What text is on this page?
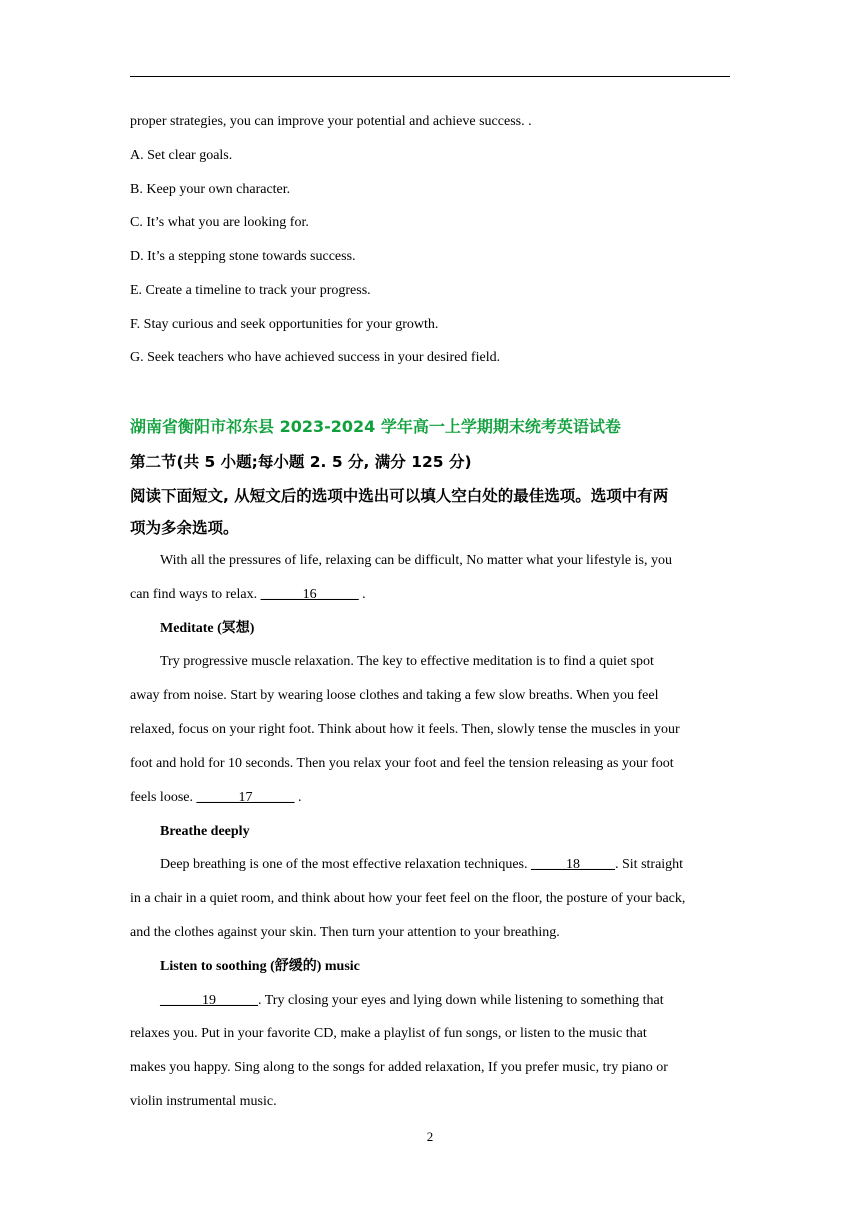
proper strategies, you can improve your potential and achieve success. .
A. Set clear goals.
B. Keep your own character.
C. It’s what you are looking for.
D. It’s a stepping stone towards success.
E. Create a timeline to track your progress.
F. Stay curious and seek opportunities for your growth.
G. Seek teachers who have achieved success in your desired field.
湖南省衡阳市祁东县 2023-2024 学年高一上学期期末统考英语试卷
第二节(共 5 小题;每小题 2. 5 分, 满分 125 分)
阅读下面短文, 从短文后的选项中选出可以填人空白处的最佳选项。选项中有两
项为多余选项。
With all the pressures of life, relaxing can be difficult, No matter what your lifestyle is, you
can find ways to relax. ______16______ .
Meditate (冥想)
Try progressive muscle relaxation. The key to effective meditation is to find a quiet spot
away from noise. Start by wearing loose clothes and taking a few slow breaths. When you feel
relaxed, focus on your right foot. Think about how it feels. Then, slowly tense the muscles in your
foot and hold for 10 seconds. Then you relax your foot and feel the tension releasing as your foot
feels loose. ______17______ .
Breathe deeply
Deep breathing is one of the most effective relaxation techniques. _____18_____. Sit straight
in a chair in a quiet room, and think about how your feet feel on the floor, the posture of your back,
and the clothes against your skin. Then turn your attention to your breathing.
Listen to soothing (舒缓的) music
______19______. Try closing your eyes and lying down while listening to something that
relaxes you. Put in your favorite CD, make a playlist of fun songs, or listen to the music that
makes you happy. Sing along to the songs for added relaxation, If you prefer music, try piano or
violin instrumental music.
2
